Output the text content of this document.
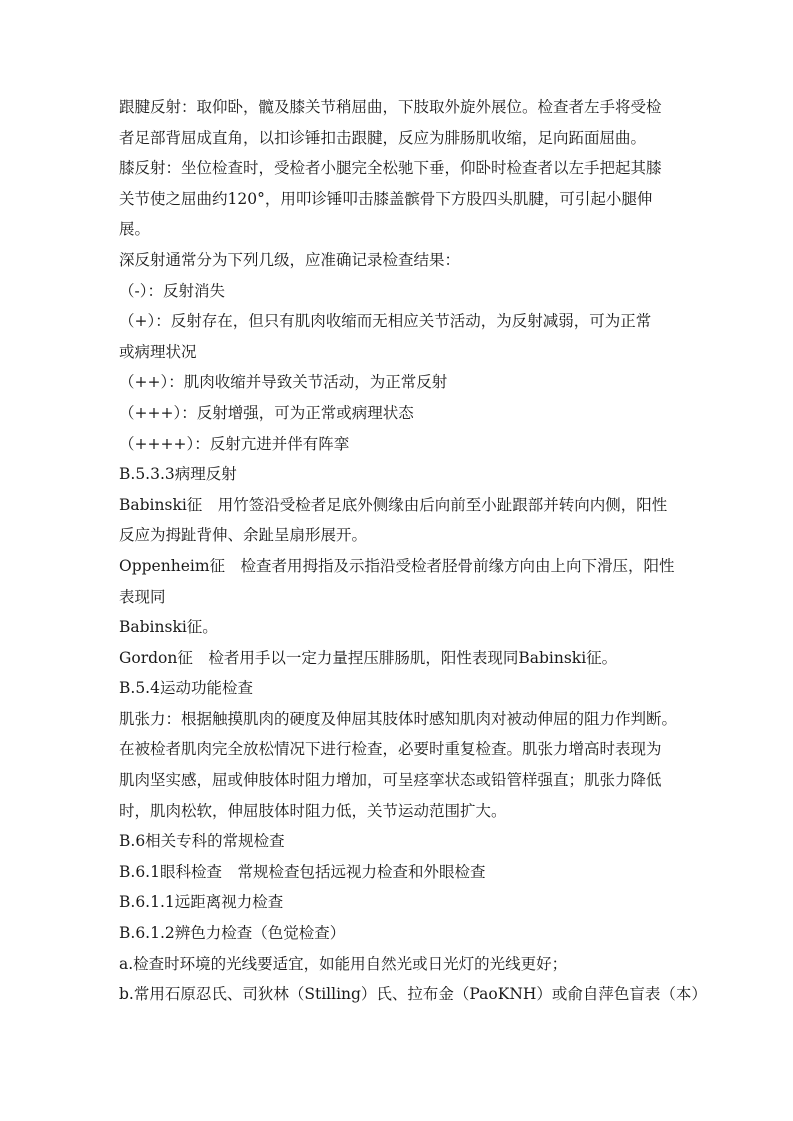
跟腱反射：取仰卧，髋及膝关节稍屈曲，下肢取外旋外展位。检查者左手将受检
者足部背屈成直角，以扣诊锤扣击跟腱，反应为腓肠肌收缩，足向跖面屈曲。
膝反射：坐位检查时，受检者小腿完全松驰下垂，仰卧时检查者以左手把起其膝
关节使之屈曲约120°，用叩诊锤叩击膝盖髌骨下方股四头肌腱，可引起小腿伸
展。
深反射通常分为下列几级，应准确记录检查结果：
（-）：反射消失
（+）：反射存在，但只有肌肉收缩而无相应关节活动，为反射减弱，可为正常
或病理状况
（++）：肌肉收缩并导致关节活动，为正常反射
（+++）：反射增强，可为正常或病理状态
（++++）：反射亢进并伴有阵挛
B.5.3.3病理反射
Babinski征　用竹签沿受检者足底外侧缘由后向前至小趾跟部并转向内侧，阳性
反应为拇趾背伸、余趾呈扇形展开。
Oppenheim征　检查者用拇指及示指沿受检者胫骨前缘方向由上向下滑压，阳性
表现同
Babinski征。
Gordon征　检者用手以一定力量捏压腓肠肌，阳性表现同Babinski征。
B.5.4运动功能检查
肌张力：根据触摸肌肉的硬度及伸屈其肢体时感知肌肉对被动伸屈的阻力作判断。
在被检者肌肉完全放松情况下进行检查，必要时重复检查。肌张力增高时表现为
肌肉坚实感，屈或伸肢体时阻力增加，可呈痉挛状态或铅管样强直；肌张力降低
时，肌肉松软，伸屈肢体时阻力低，关节运动范围扩大。
B.6相关专科的常规检查
B.6.1眼科检查　常规检查包括远视力检查和外眼检查
B.6.1.1远距离视力检查
B.6.1.2辨色力检查（色觉检查）
a.检查时环境的光线要适宜，如能用自然光或日光灯的光线更好；
b.常用石原忍氏、司狄林（Stilling）氏、拉布金（PaoKNH）或俞自萍色盲表（本）
